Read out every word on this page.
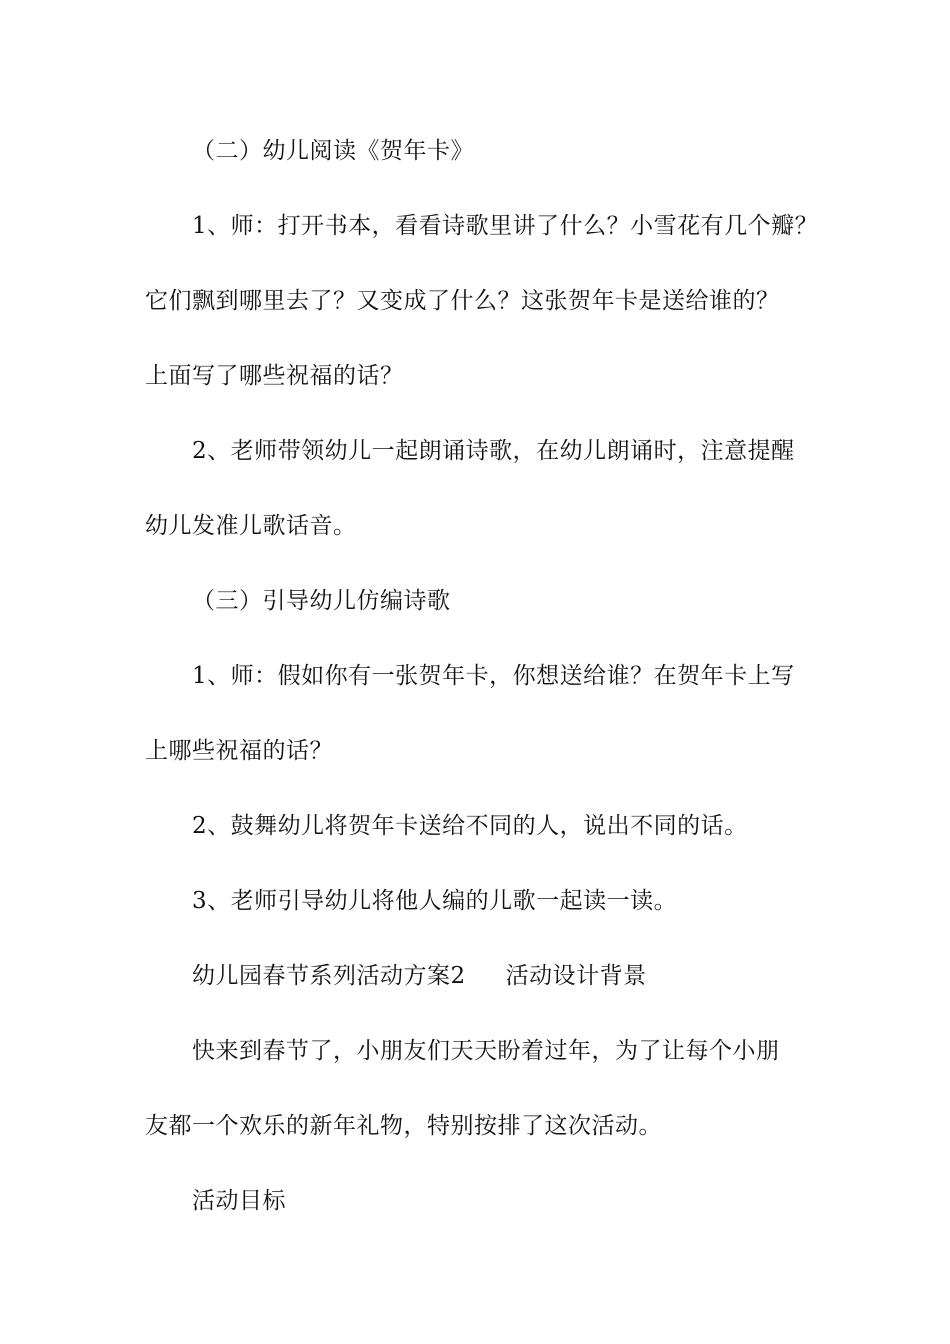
（二）幼儿阅读《贺年卡》
1、师：打开书本，看看诗歌里讲了什么？小雪花有几个瓣？
它们飘到哪里去了？又变成了什么？这张贺年卡是送给谁的？
上面写了哪些祝福的话？
2、老师带领幼儿一起朗诵诗歌，在幼儿朗诵时，注意提醒
幼儿发准儿歌话音。
（三）引导幼儿仿编诗歌
1、师：假如你有一张贺年卡，你想送给谁？在贺年卡上写
上哪些祝福的话？
2、鼓舞幼儿将贺年卡送给不同的人，说出不同的话。
3、老师引导幼儿将他人编的儿歌一起读一读。
幼儿园春节系列活动方案2 活动设计背景
快来到春节了，小朋友们天天盼着过年，为了让每个小朋
友都一个欢乐的新年礼物，特别按排了这次活动。
活动目标
